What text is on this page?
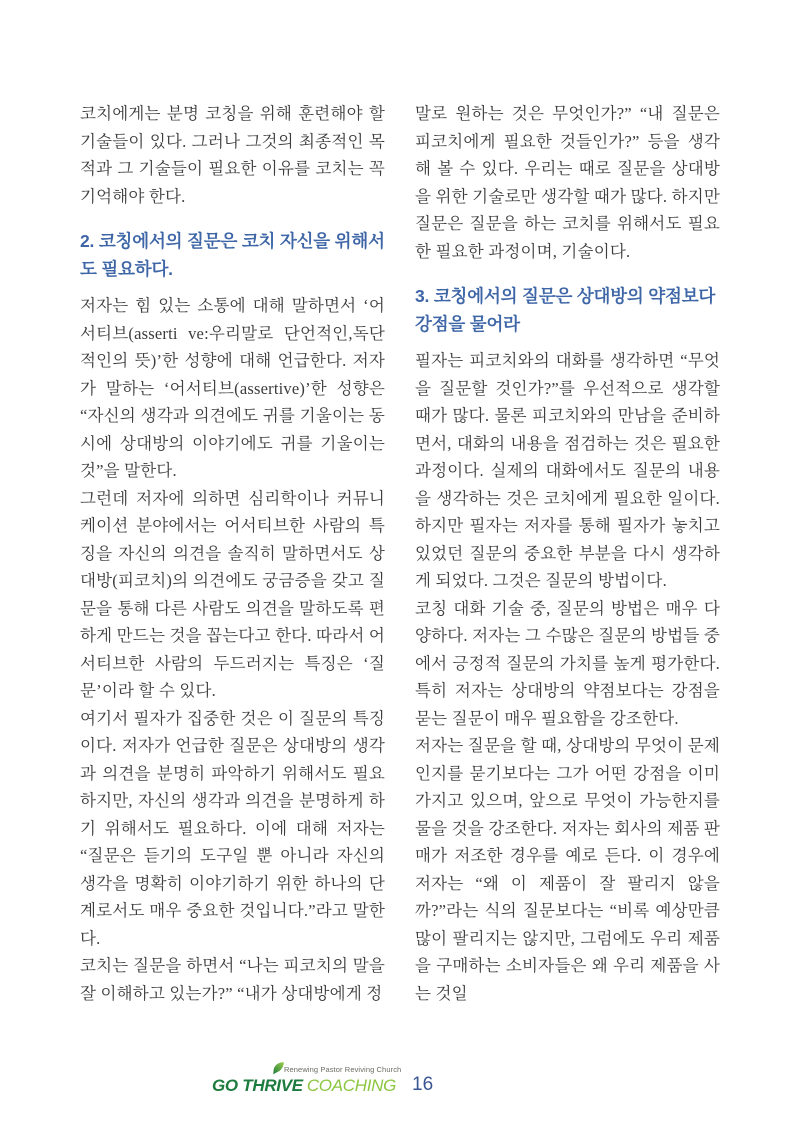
코치에게는 분명 코칭을 위해 훈련해야 할 기술들이 있다. 그러나 그것의 최종적인 목적과 그 기술들이 필요한 이유를 코치는 꼭 기억해야 한다.

2. 코칭에서의 질문은 코치 자신을 위해서도 필요하다.

저자는 힘 있는 소통에 대해 말하면서 ‘어서티브(asserti ve:우리말로 단언적인,독단적인의 뜻)’한 성향에 대해 언급한다. 저자가 말하는 ‘어서티브(assertive)’한 성향은 “자신의 생각과 의견에도 귀를 기울이는 동시에 상대방의 이야기에도 귀를 기울이는 것”을 말한다.

그런데 저자에 의하면 심리학이나 커뮤니케이션 분야에서는 어서티브한 사람의 특징을 자신의 의견을 솔직히 말하면서도 상대방(피코치)의 의견에도 궁금증을 갖고 질문을 통해 다른 사람도 의견을 말하도록 편하게 만드는 것을 꼽는다고 한다. 따라서 어서티브한 사람의 두드러지는 특징은 ‘질문’이라 할 수 있다.

여기서 필자가 집중한 것은 이 질문의 특징이다. 저자가 언급한 질문은 상대방의 생각과 의견을 분명히 파악하기 위해서도 필요하지만, 자신의 생각과 의견을 분명하게 하기 위해서도 필요하다. 이에 대해 저자는 “질문은 듣기의 도구일 뿐 아니라 자신의 생각을 명확히 이야기하기 위한 하나의 단계로서도 매우 중요한 것입니다.”라고 말한다.

코치는 질문을 하면서 “나는 피코치의 말을 잘 이해하고 있는가?” “내가 상대방에게 정

말로 원하는 것은 무엇인가?” “내 질문은 피코치에게 필요한 것들인가?” 등을 생각해 볼 수 있다. 우리는 때로 질문을 상대방을 위한 기술로만 생각할 때가 많다. 하지만 질문은 질문을 하는 코치를 위해서도 필요한 필요한 과정이며, 기술이다.

3. 코칭에서의 질문은 상대방의 약점보다 강점을 물어라

필자는 피코치와의 대화를 생각하면 “무엇을 질문할 것인가?”를 우선적으로 생각할 때가 많다. 물론 피코치와의 만남을 준비하면서, 대화의 내용을 점검하는 것은 필요한 과정이다. 실제의 대화에서도 질문의 내용을 생각하는 것은 코치에게 필요한 일이다. 하지만 필자는 저자를 통해 필자가 놓치고 있었던 질문의 중요한 부분을 다시 생각하게 되었다. 그것은 질문의 방법이다.

코칭 대화 기술 중, 질문의 방법은 매우 다양하다. 저자는 그 수많은 질문의 방법들 중에서 긍정적 질문의 가치를 높게 평가한다. 특히 저자는 상대방의 약점보다는 강점을 묻는 질문이 매우 필요함을 강조한다.

저자는 질문을 할 때, 상대방의 무엇이 문제인지를 묻기보다는 그가 어떤 강점을 이미 가지고 있으며, 앞으로 무엇이 가능한지를 물을 것을 강조한다. 저자는 회사의 제품 판매가 저조한 경우를 예로 든다. 이 경우에 저자는 “왜 이 제품이 잘 팔리지 않을까?”라는 식의 질문보다는 “비록 예상만큼 많이 팔리지는 않지만, 그럼에도 우리 제품을 구매하는 소비자들은 왜 우리 제품을 사는 것일

Renewing Pastor Reviving Church
GO THRIVE COACHING 16
